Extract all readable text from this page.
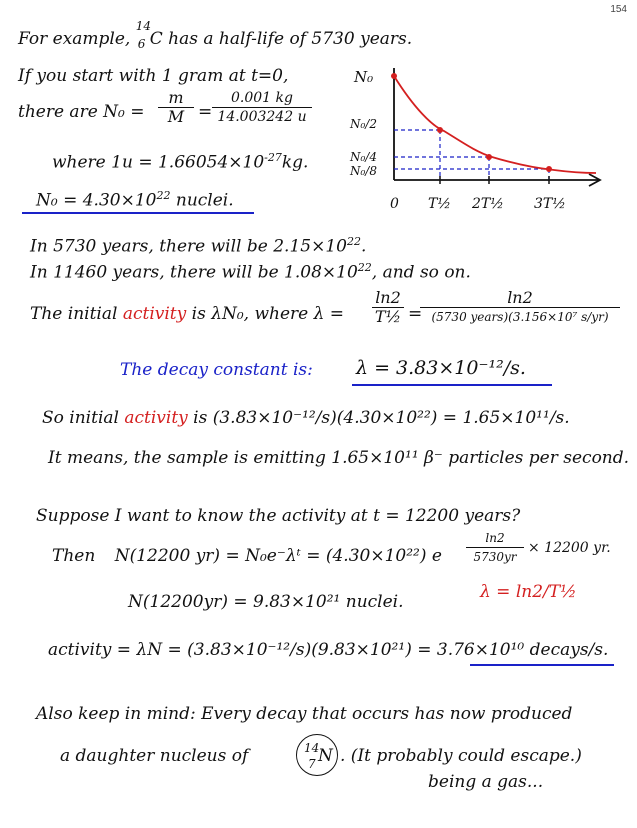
154
For example,
14
6 C has a half-life of 5730 years.
If you start with 1 gram at t=0,
there are N₀ =
m
M =
0.001 kg
14.003242 u
where $1u = 1.66054\times 10^{-27}kg$.
$N_0 = 4.30\times 10^{22}$ nuclei.
N₀
N₀/2
N₀/4
N₀/8
0 T½ 2T½ 3T½
In 5730 years, there will be $2.15\times 10^{22}$.
In 11460 years, there will be $1.08\times 10^{22}$, and so on.
The initial activity is λN₀, where λ =
ln2
T½ =
ln2
(5730 years)(3.156×10⁷ s/yr)
The decay constant is: λ = 3.83×10⁻¹²/s.
So initial activity is (3.83×10⁻¹²/s)(4.30×10²²) = 1.65×10¹¹/s.
It means, the sample is emitting 1.65×10¹¹ β⁻ particles per second.
Suppose I want to know the activity at t = 12200 years?
Then N(12200 yr) = N₀e⁻λᵗ = (4.30×10²²) e
ln2
5730yr
× 12200 yr.
λ = ln2/T½
N(12200yr) = 9.83×10²¹ nuclei.
activity = λN = (3.83×10⁻¹²/s)(9.83×10²¹) = 3.76×10¹⁰ decays/s.
Also keep in mind: Every decay that occurs has now produced
a daughter nucleus of	14
7 N . (It probably could escape.)
being a gas...
